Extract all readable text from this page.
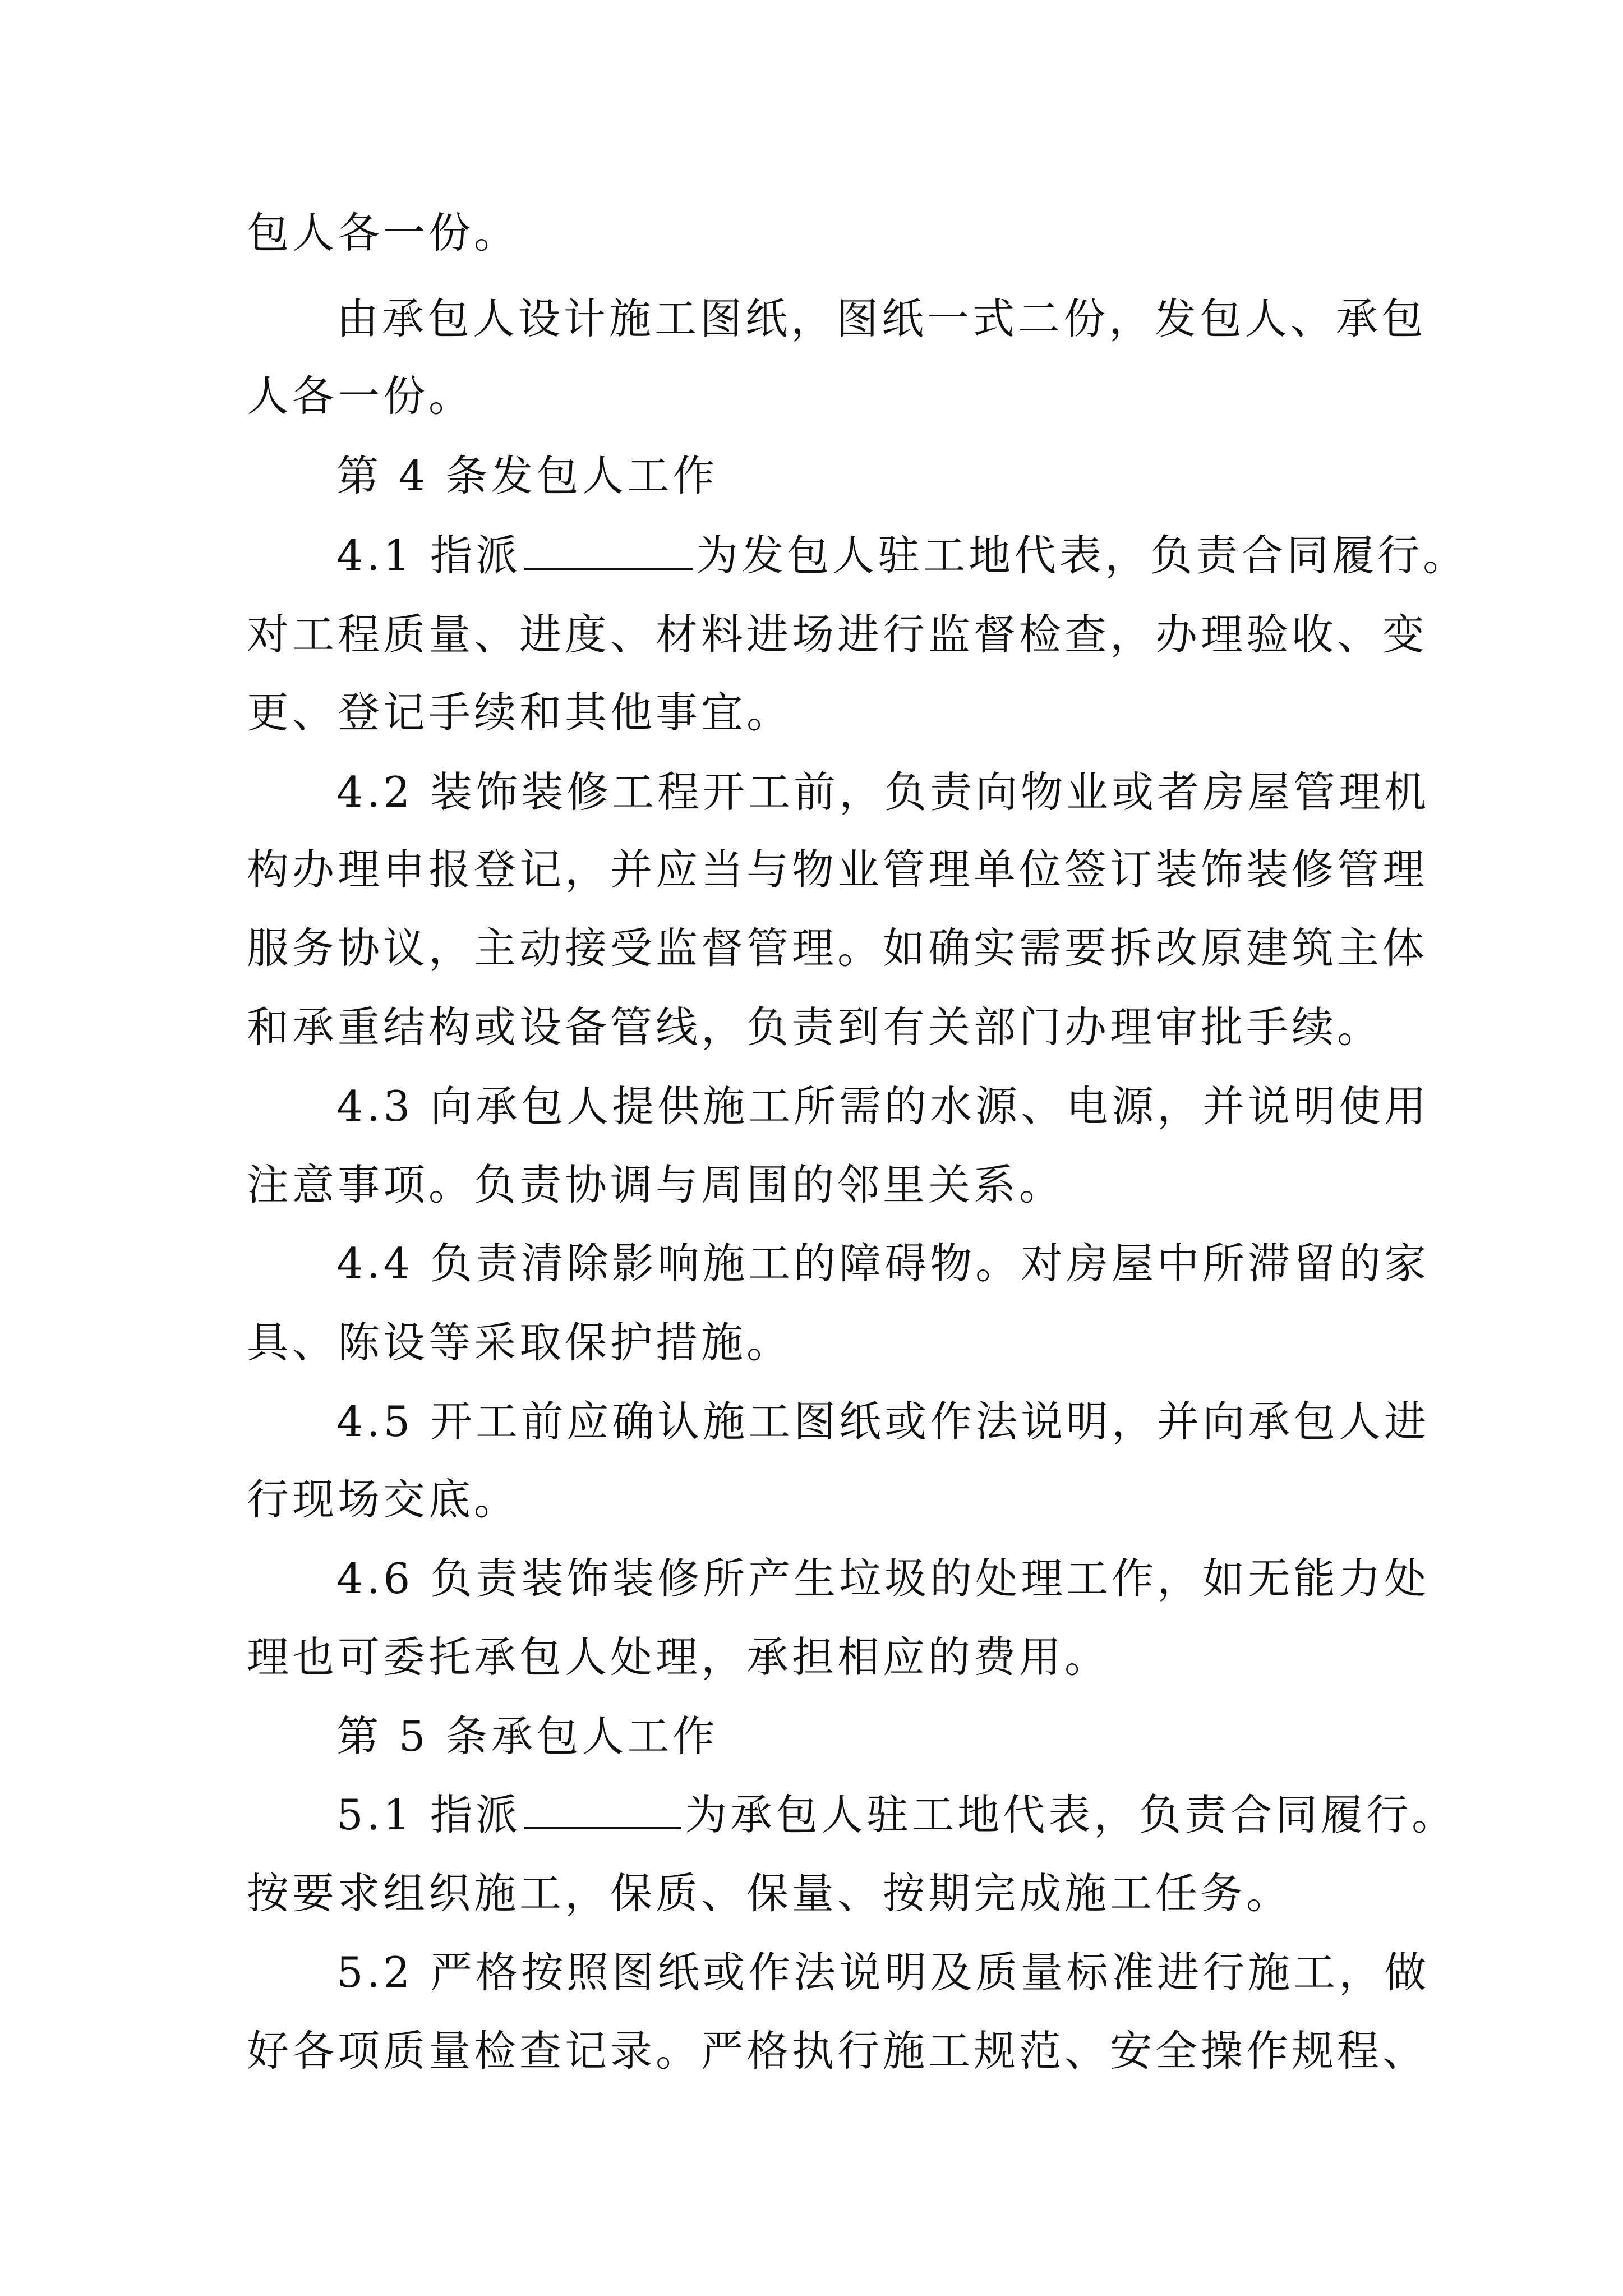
包人各一份。
由承包人设计施工图纸，图纸一式二份，发包人、承包
人各一份。
第 4 条发包人工作
4.1 指派	为发包人驻工地代表，负责合同履行。
对工程质量、进度、材料进场进行监督检查，办理验收、变
更、登记手续和其他事宜。
4.2 装饰装修工程开工前，负责向物业或者房屋管理机
构办理申报登记，并应当与物业管理单位签订装饰装修管理
服务协议，主动接受监督管理。如确实需要拆改原建筑主体
和承重结构或设备管线，负责到有关部门办理审批手续。
4.3 向承包人提供施工所需的水源、电源，并说明使用
注意事项。负责协调与周围的邻里关系。
4.4 负责清除影响施工的障碍物。对房屋中所滞留的家
具、陈设等采取保护措施。
4.5 开工前应确认施工图纸或作法说明，并向承包人进
行现场交底。
4.6 负责装饰装修所产生垃圾的处理工作，如无能力处
理也可委托承包人处理，承担相应的费用。
第 5 条承包人工作
5.1 指派	为承包人驻工地代表，负责合同履行。
按要求组织施工，保质、保量、按期完成施工任务。
5.2 严格按照图纸或作法说明及质量标准进行施工，做
好各项质量检查记录。严格执行施工规范、安全操作规程、
